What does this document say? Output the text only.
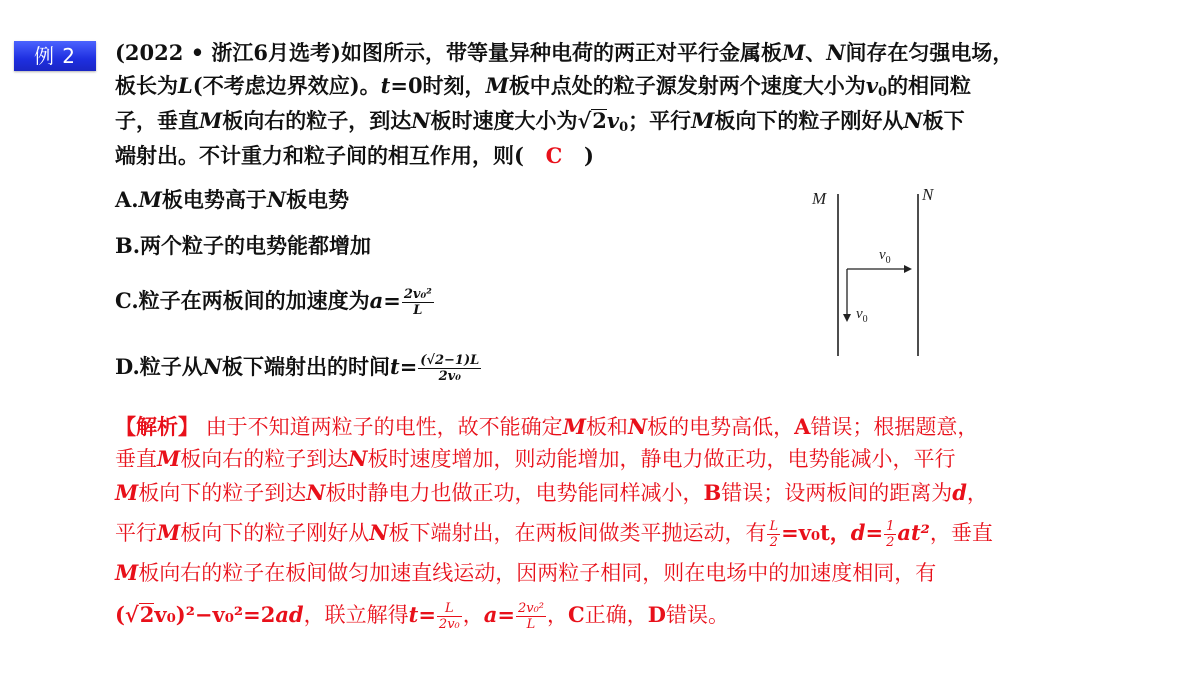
例 2	(2022 • 浙江6月选考)如图所示，带等量异种电荷的两正对平行金属板M、N间存在匀强电场，
板长为L(不考虑边界效应)。t=0时刻，M板中点处的粒子源发射两个速度大小为$v_0$的相同粒
子，垂直M板向右的粒子，到达N板时速度大小为$√2v_0$；平行M板向下的粒子刚好从N板下
端射出。不计重力和粒子间的相互作用，则( C )
A.M板电势高于N板电势
B.两个粒子的电势能都增加
C.粒子在两板间的加速度为$a= \frac{\text{2v₀²}}{L}$
D.粒子从N板下端射出的时间$t= \frac{(√2-1)L}{\text{2v₀}}$
M	N
$v_0$
$v_0$
【解析】 由于不知道两粒子的电性，故不能确定M板和N板的电势高低，A错误；根据题意，
垂直M板向右的粒子到达N板时速度增加，则动能增加，静电力做正功，电势能减小，平行
M板向下的粒子到达N板时静电力也做正功，电势能同样减小，B错误；设两板间的距离为d，
平行M板向下的粒子刚好从N板下端射出，在两板间做类平抛运动，有 $\frac{L}{2} =v_0t$，$d= \frac{1}{2} at^2$，垂直
M板向右的粒子在板间做匀加速直线运动，因两粒子相同，则在电场中的加速度相同，有
(√2v₀)²−v₀²=2ad，联立解得$t= \frac{L}{\text{2v₀}}$ ，$a= \frac{\text{2v₀²}}{L}$ ，C正确，D错误。
